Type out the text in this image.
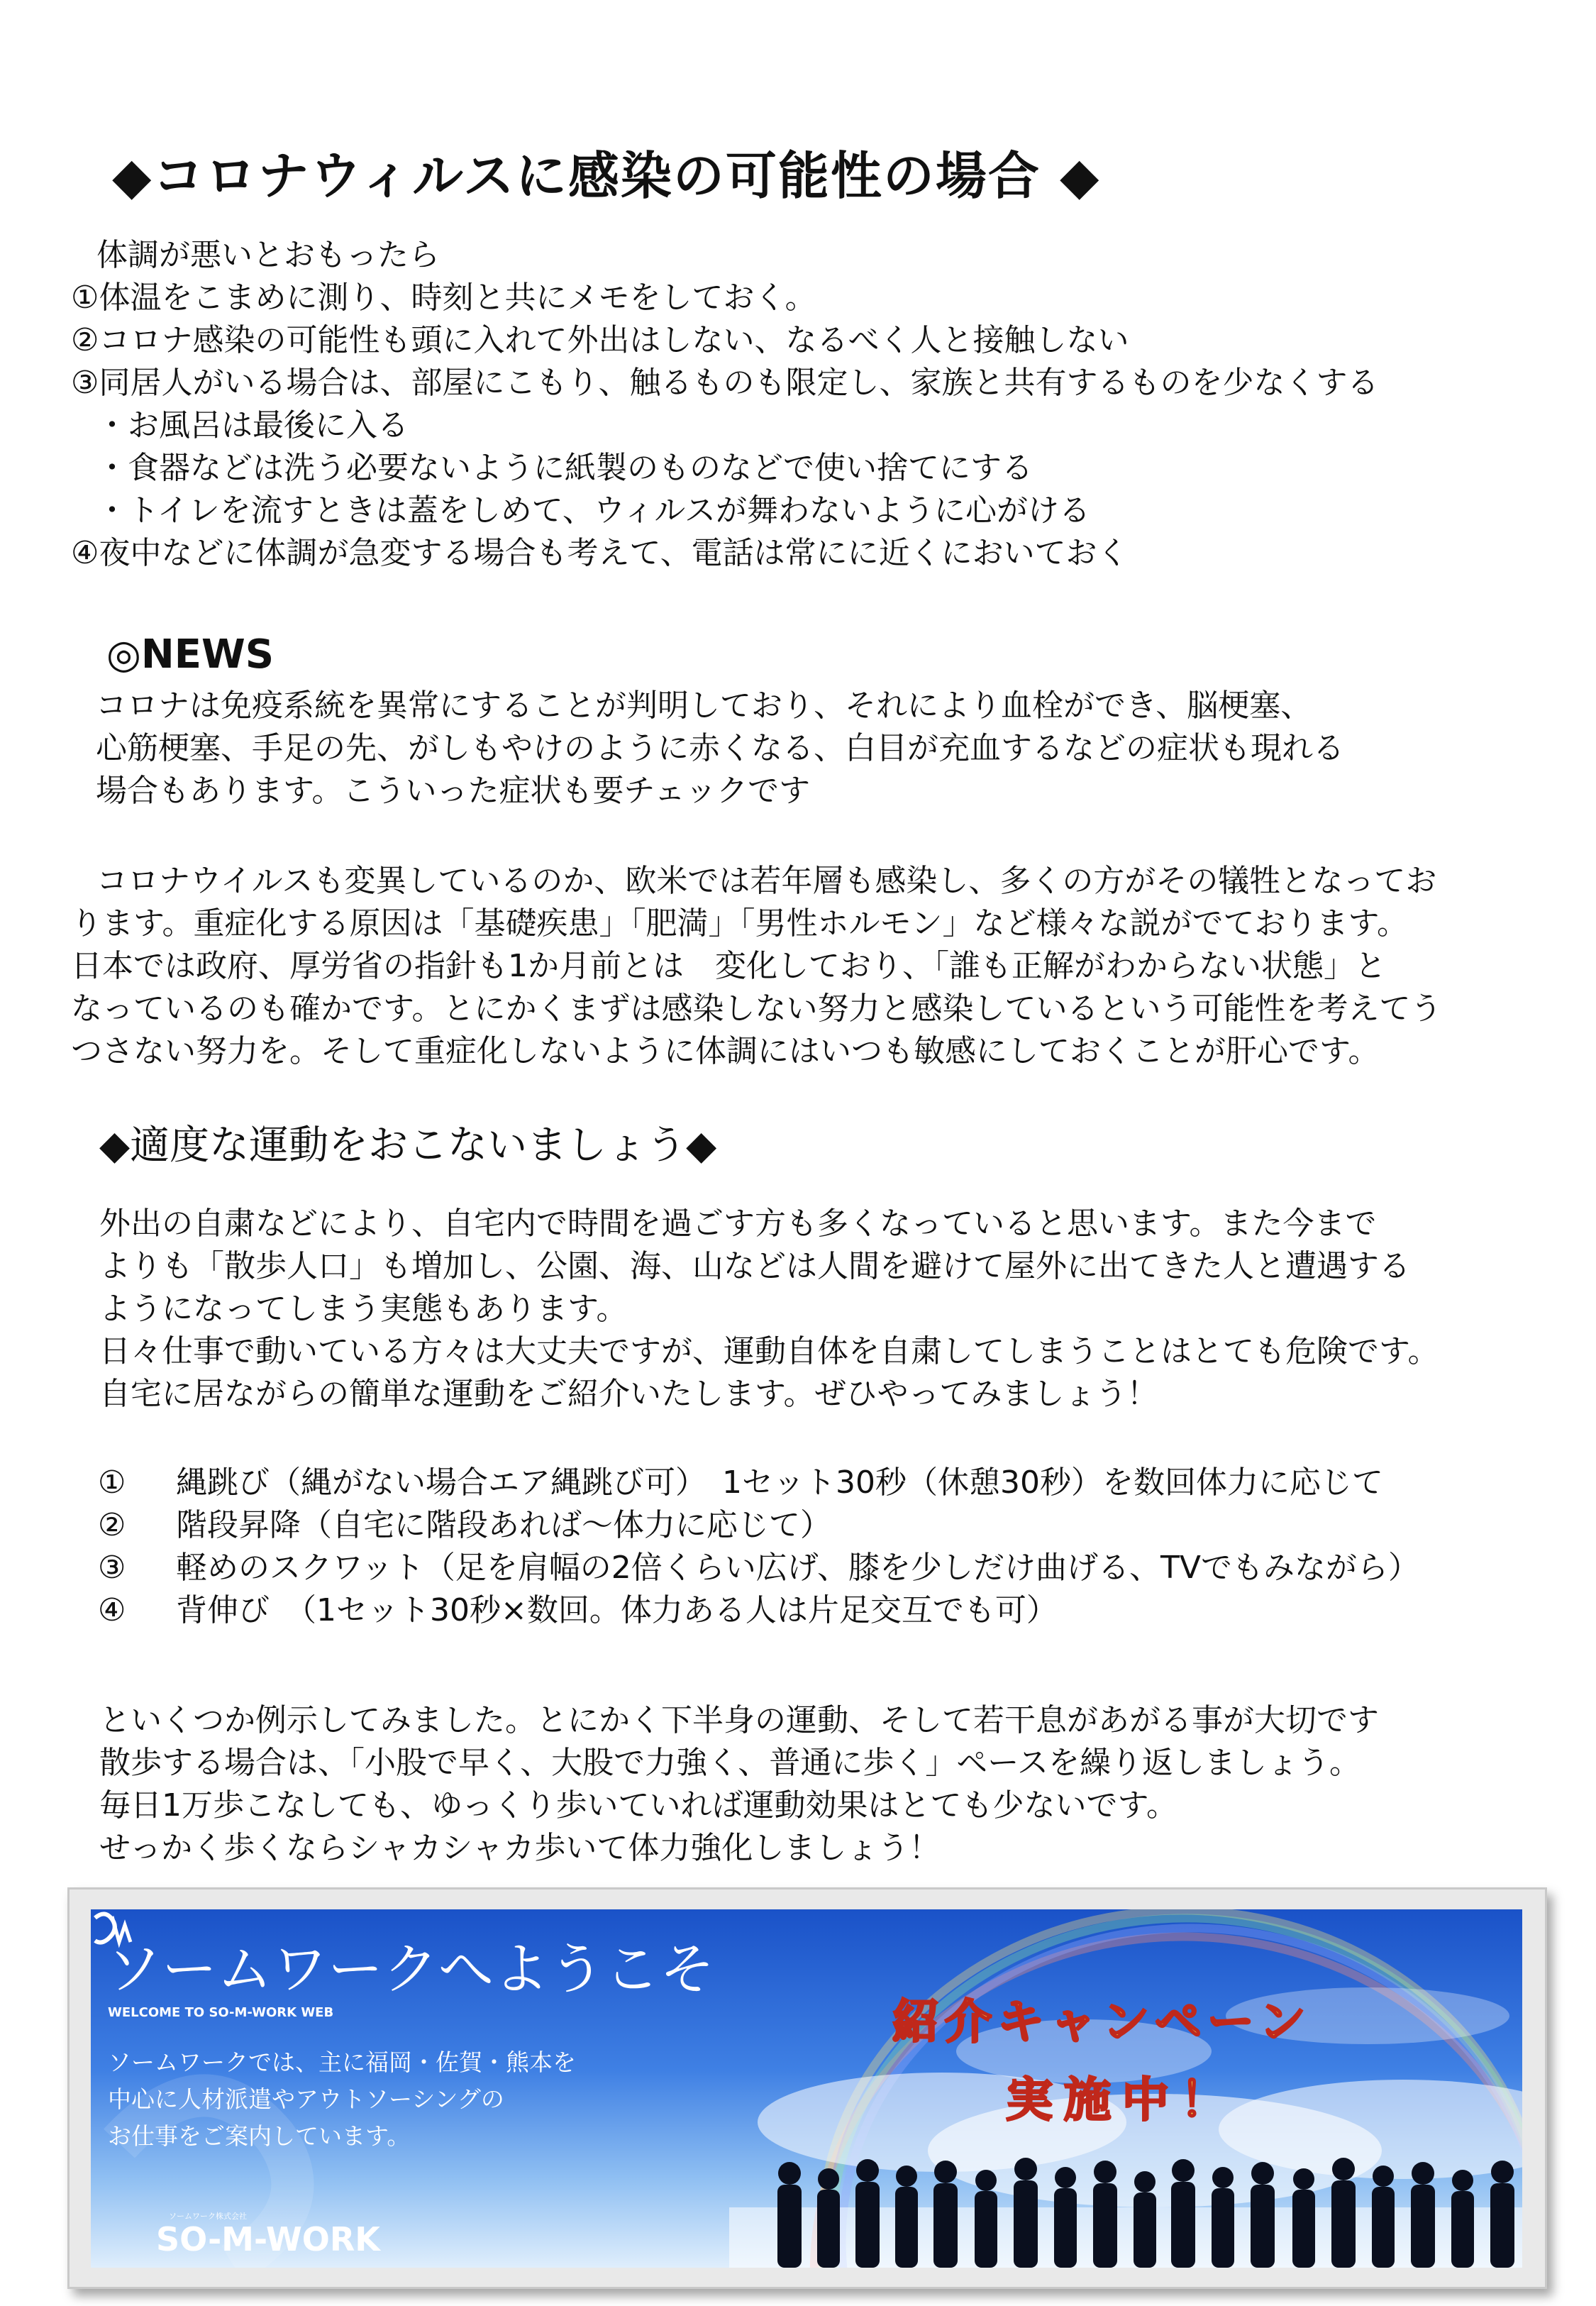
◆コロナウィルスに感染の可能性の場合 ◆
体調が悪いとおもったら
①体温をこまめに測り、時刻と共にメモをしておく。
②コロナ感染の可能性も頭に入れて外出はしない、なるべく人と接触しない
③同居人がいる場合は、部屋にこもり、触るものも限定し、家族と共有するものを少なくする
・お風呂は最後に入る
・食器などは洗う必要ないように紙製のものなどで使い捨てにする
・トイレを流すときは蓋をしめて、ウィルスが舞わないように心がける
④夜中などに体調が急変する場合も考えて、電話は常にに近くにおいておく
◎NEWS
コロナは免疫系統を異常にすることが判明しており、それにより血栓ができ、脳梗塞、
心筋梗塞、手足の先、がしもやけのように赤くなる、白目が充血するなどの症状も現れる
場合もあります。こういった症状も要チェックです
コロナウイルスも変異しているのか、欧米では若年層も感染し、多くの方がその犠牲となってお
ります。重症化する原因は「基礎疾患」「肥満」「男性ホルモン」など様々な説がでております。
日本では政府、厚労省の指針も1か月前とは　変化しており、「誰も正解がわからない状態」と
なっているのも確かです。とにかくまずは感染しない努力と感染しているという可能性を考えてう
つさない努力を。そして重症化しないように体調にはいつも敏感にしておくことが肝心です。
◆適度な運動をおこないましょう◆
外出の自粛などにより、自宅内で時間を過ごす方も多くなっていると思います。また今まで
よりも「散歩人口」も増加し、公園、海、山などは人間を避けて屋外に出てきた人と遭遇する
ようになってしまう実態もあります。
日々仕事で動いている方々は大丈夫ですが、運動自体を自粛してしまうことはとても危険です。
自宅に居ながらの簡単な運動をご紹介いたします。ぜひやってみましょう！
①	縄跳び（縄がない場合エア縄跳び可）　1セット30秒（休憩30秒）を数回体力に応じて
②	階段昇降（自宅に階段あれば～体力に応じて）
③	軽めのスクワット（足を肩幅の2倍くらい広げ、膝を少しだけ曲げる、TVでもみながら）
④	背伸び　（1セット30秒×数回。体力ある人は片足交互でも可）
といくつか例示してみました。とにかく下半身の運動、そして若干息があがる事が大切です
散歩する場合は、「小股で早く、大股で力強く、普通に歩く」ペースを繰り返しましょう。
毎日1万歩こなしても、ゆっくり歩いていれば運動効果はとても少ないです。
せっかく歩くならシャカシャカ歩いて体力強化しましょう！
ソームワークへようこそ
WELCOME TO SO-M-WORK WEB
ソームワークでは、主に福岡・佐賀・熊本を
中心に人材派遣やアウトソーシングの
お仕事をご案内しています。
ソームワーク株式会社
SO-M-WORK
紹介キャンペーン
実施中！
